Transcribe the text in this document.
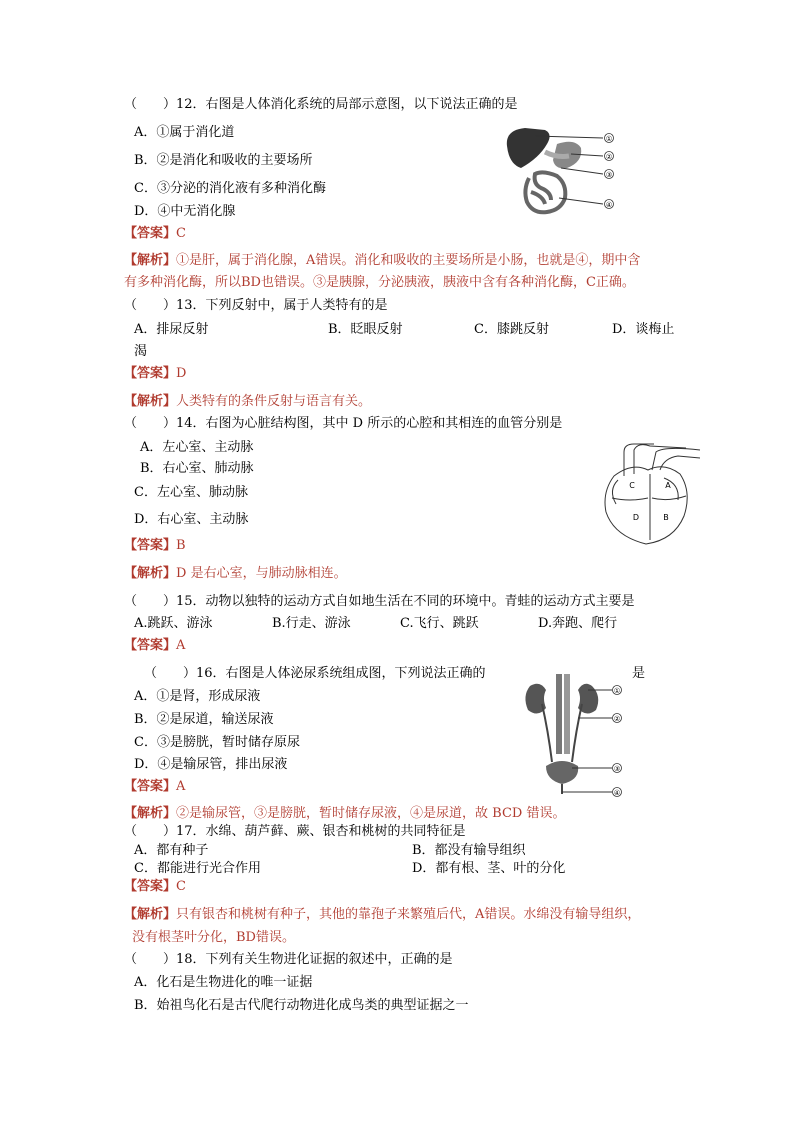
（　　）12．右图是人体消化系统的局部示意图，以下说法正确的是
A．①属于消化道
B．②是消化和吸收的主要场所
C．③分泌的消化液有多种消化酶
D．④中无消化腺
【答案】C
【解析】①是肝，属于消化腺，A错误。消化和吸收的主要场所是小肠，也就是④，期中含
有多种消化酶，所以BD也错误。③是胰腺，分泌胰液，胰液中含有各种消化酶，C正确。
①
②
③
④
（　　）13．下列反射中，属于人类特有的是
A．排尿反射	B．眨眼反射	C．膝跳反射	D．谈梅止
渴
【答案】D
【解析】人类特有的条件反射与语言有关。
（　　）14．右图为心脏结构图，其中 D 所示的心腔和其相连的血管分别是
A．左心室、主动脉
B．右心室、肺动脉
C．左心室、肺动脉
D．右心室、主动脉
【答案】B
【解析】D 是右心室，与肺动脉相连。
C	A
D	B
（　　）15．动物以独特的运动方式自如地生活在不同的环境中。青蛙的运动方式主要是
A.跳跃、游泳	B.行走、游泳	C.飞行、跳跃	D.奔跑、爬行
【答案】A
（　　）16．右图是人体泌尿系统组成图，下列说法正确的	是
A．①是肾，形成尿液
B．②是尿道，输送尿液
C．③是膀胱，暂时储存原尿
D．④是输尿管，排出尿液
【答案】A
【解析】②是输尿管，③是膀胱，暂时储存尿液，④是尿道，故 BCD 错误。
①
②
③
④
（　　）17．水绵、葫芦藓、蕨、银杏和桃树的共同特征是
A．都有种子	B．都没有输导组织
C．都能进行光合作用	D．都有根、茎、叶的分化
【答案】C
【解析】只有银杏和桃树有种子，其他的靠孢子来繁殖后代，A错误。水绵没有输导组织，
没有根茎叶分化，BD错误。
（　　）18．下列有关生物进化证据的叙述中，正确的是
A．化石是生物进化的唯一证据
B．始祖鸟化石是古代爬行动物进化成鸟类的典型证据之一
